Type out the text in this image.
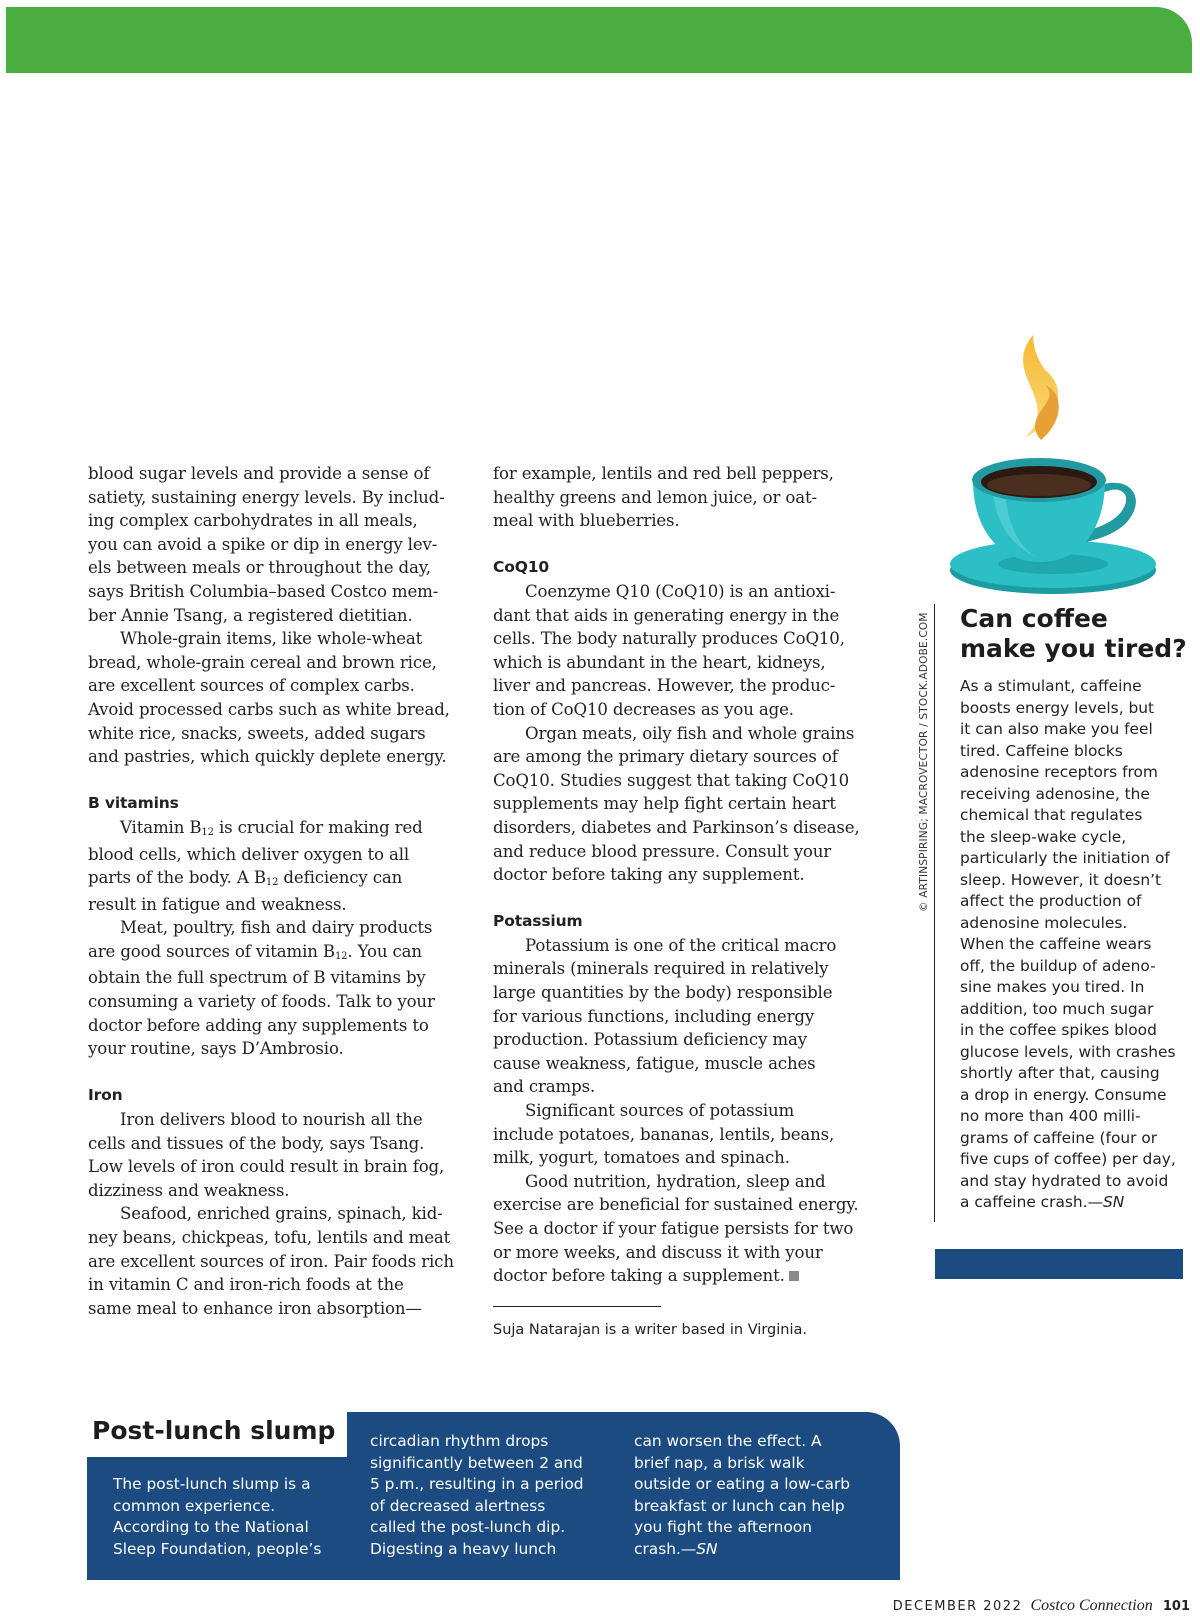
blood sugar levels and provide a sense of
satiety, sustaining energy levels. By includ-
ing complex carbohydrates in all meals,
you can avoid a spike or dip in energy lev-
els between meals or throughout the day,
says British Columbia–based Costco mem-
ber Annie Tsang, a registered dietitian.

Whole-grain items, like whole-wheat
bread, whole-grain cereal and brown rice,
are excellent sources of complex carbs.
Avoid processed carbs such as white bread,
white rice, snacks, sweets, added sugars
and pastries, which quickly deplete energy.

B vitamins

Vitamin $B_{12}$ is crucial for making red
blood cells, which deliver oxygen to all
parts of the body. A $B_{12}$ deficiency can
result in fatigue and weakness.

Meat, poultry, fish and dairy products
are good sources of vitamin $B_{12}$. You can
obtain the full spectrum of B vitamins by
consuming a variety of foods. Talk to your
doctor before adding any supplements to
your routine, says D’Ambrosio.

Iron

Iron delivers blood to nourish all the
cells and tissues of the body, says Tsang.
Low levels of iron could result in brain fog,
dizziness and weakness.

Seafood, enriched grains, spinach, kid-
ney beans, chickpeas, tofu, lentils and meat
are excellent sources of iron. Pair foods rich
in vitamin C and iron-rich foods at the
same meal to enhance iron absorption—

for example, lentils and red bell peppers,
healthy greens and lemon juice, or oat-
meal with blueberries.

CoQ10

Coenzyme Q10 (CoQ10) is an antioxi-
dant that aids in generating energy in the
cells. The body naturally produces CoQ10,
which is abundant in the heart, kidneys,
liver and pancreas. However, the produc-
tion of CoQ10 decreases as you age.

Organ meats, oily fish and whole grains
are among the primary dietary sources of
CoQ10. Studies suggest that taking CoQ10
supplements may help fight certain heart
disorders, diabetes and Parkinson’s disease,
and reduce blood pressure. Consult your
doctor before taking any supplement.

Potassium

Potassium is one of the critical macro
minerals (minerals required in relatively
large quantities by the body) responsible
for various functions, including energy
production. Potassium deficiency may
cause weakness, fatigue, muscle aches
and cramps.

Significant sources of potassium
include potatoes, bananas, lentils, beans,
milk, yogurt, tomatoes and spinach.

Good nutrition, hydration, sleep and
exercise are beneficial for sustained energy.
See a doctor if your fatigue persists for two
or more weeks, and discuss it with your
doctor before taking a supplement.

Suja Natarajan is a writer based in Virginia.
© ARTINSPIRING; MACROVECTOR / STOCK.ADOBE.COM Can coffee
make you tired?

As a stimulant, caffeine
boosts energy levels, but
it can also make you feel
tired. Caffeine blocks
adenosine receptors from
receiving adenosine, the
chemical that regulates
the sleep-wake cycle,
particularly the initiation of
sleep. However, it doesn’t
affect the production of
adenosine molecules.
When the caffeine wears
off, the buildup of adeno-
sine makes you tired. In
addition, too much sugar
in the coffee spikes blood
glucose levels, with crashes
shortly after that, causing
a drop in energy. Consume
no more than 400 milli-
grams of caffeine (four or
five cups of coffee) per day,
and stay hydrated to avoid
a caffeine crash.—SN

Post-lunch slump
The post-lunch slump is a
common experience.
According to the National
Sleep Foundation, people’s
circadian rhythm drops
significantly between 2 and
5 p.m., resulting in a period
of decreased alertness
called the post-lunch dip.
Digesting a heavy lunch
can worsen the effect. A
brief nap, a brisk walk
outside or eating a low-carb
breakfast or lunch can help
you fight the afternoon
crash.—SN
DECEMBER 2022 Costco Connection 101
